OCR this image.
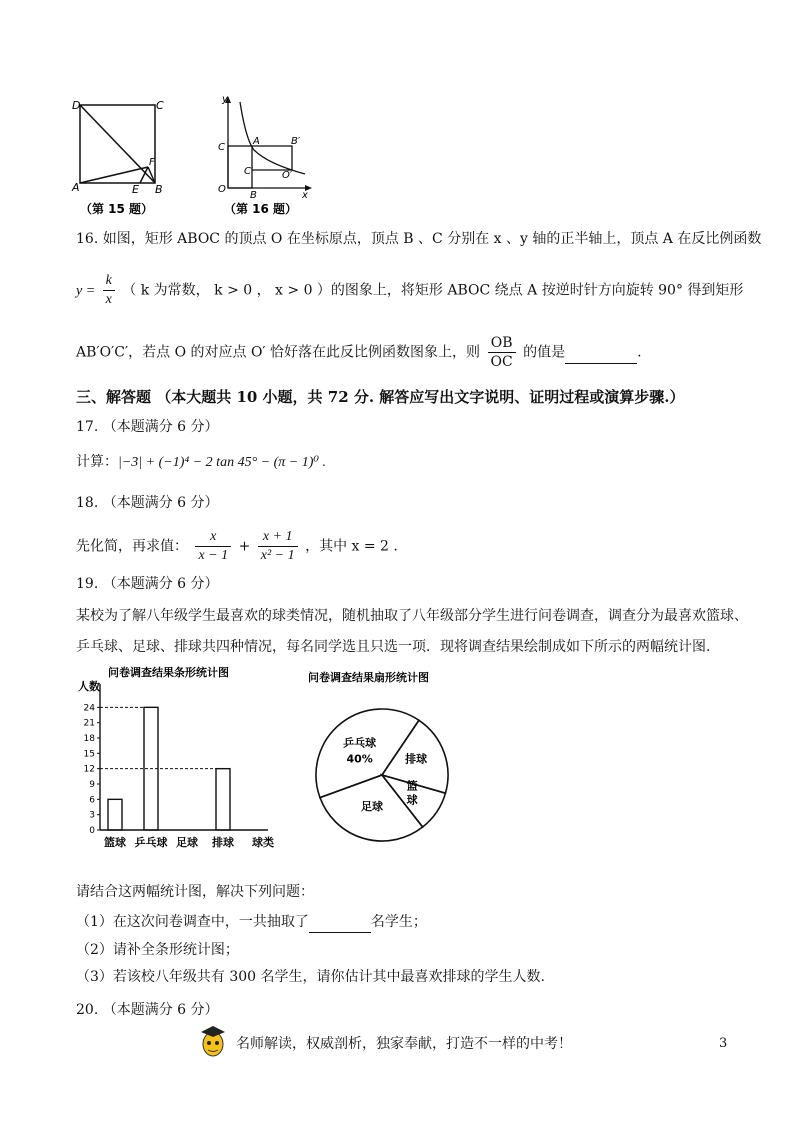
D	C
A	E B
F
（第 15 题）
y
C
A	B′
C′	O′
O
B	x
（第 16 题）
16. 如图，矩形 ABOC 的顶点 O 在坐标原点，顶点 B 、C 分别在 x 、y 轴的正半轴上，顶点 A 在反比例函数
$y = \frac{k}{x}$ （ k 为常数， k > 0 ， x > 0 ）的图象上，将矩形 ABOC 绕点 A 按逆时针方向旋转 90° 得到矩形
AB′O′C′，若点 O 的对应点 O′ 恰好落在此反比例函数图象上，则 $\frac{OB}{OC}$ 的值是	.
三、解答题 （本大题共 10 小题，共 72 分. 解答应写出文字说明、证明过程或演算步骤.）
17. （本题满分 6 分）
计算：|−3| + (−1)⁴ − 2 tan 45° − (π − 1)⁰ .
18. （本题满分 6 分）
先化简，再求值： $\frac{x}{x - 1} + \frac{x + 1}{\text{x² − 1}}$ ，其中 x = 2 .
19. （本题满分 6 分）
某校为了解八年级学生最喜欢的球类情况，随机抽取了八年级部分学生进行问卷调查，调查分为最喜欢篮球、
乒乓球、足球、排球共四种情况，每名同学选且只选一项．现将调查结果绘制成如下所示的两幅统计图.
问卷调查结果条形统计图
人数
0
3
6
9
12
15
18
21
24
篮球 乒乓球 足球 排球 球类
问卷调查结果扇形统计图
乒乓球
40%	排球
篮球
足球
请结合这两幅统计图，解决下列问题：
（1）在这次问卷调查中，一共抽取了	名学生；
（2）请补全条形统计图；
（3）若该校八年级共有 300 名学生，请你估计其中最喜欢排球的学生人数.
20. （本题满分 6 分）
名师解读，权威剖析，独家奉献，打造不一样的中考！	3
